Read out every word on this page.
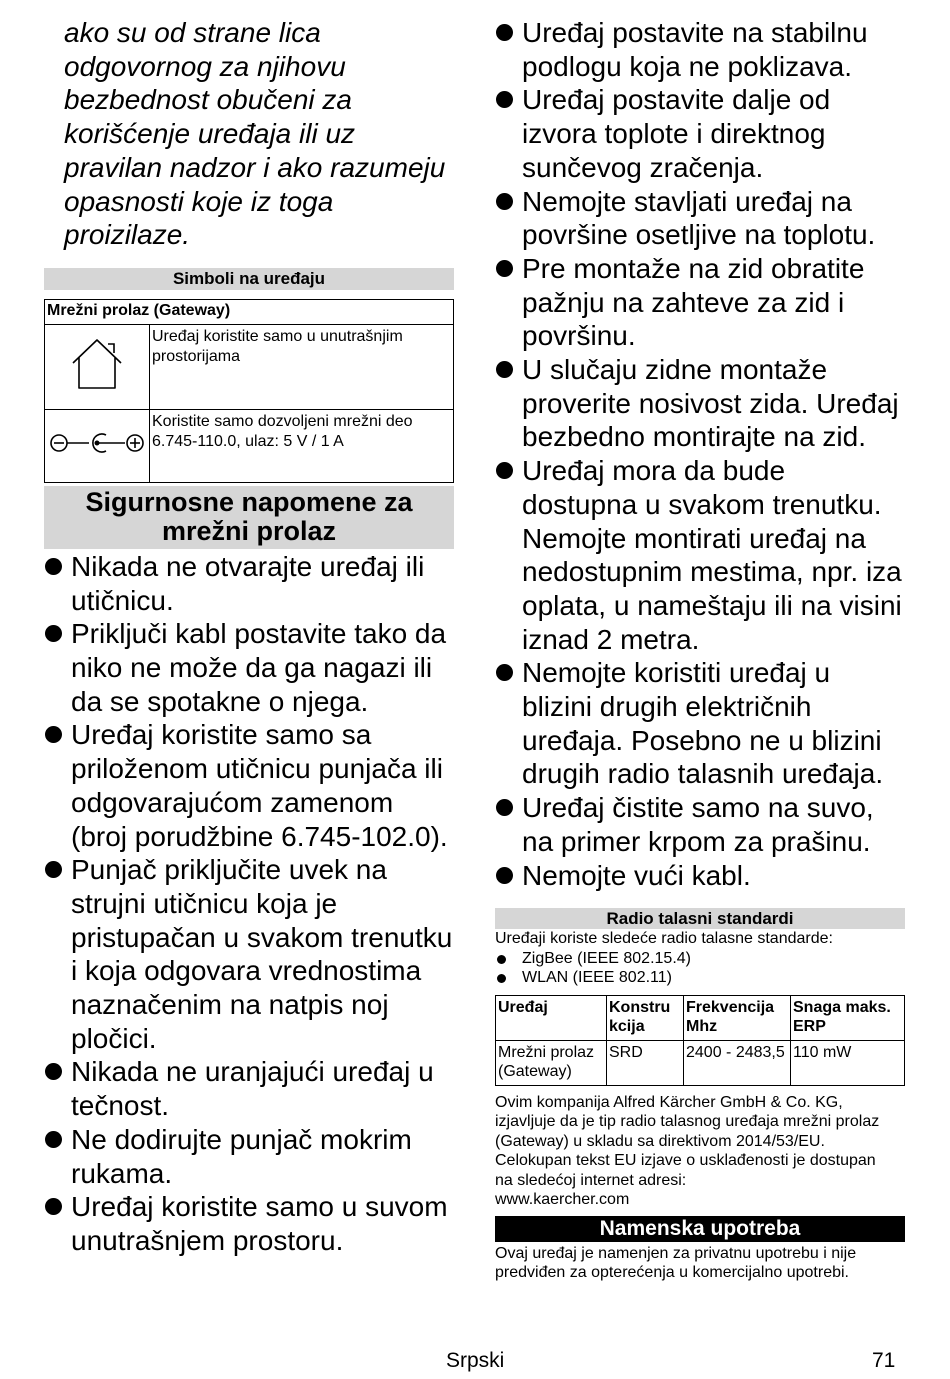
ako su od strane lica
odgovornog za njihovu
bezbednost obučeni za
korišćenje uređaja ili uz
pravilan nadzor i ako razumeju
opasnosti koje iz toga
proizilaze.

Simboli na uređaju
Mrežni prolaz (Gateway)	
	Uređaj koristite samo u unutrašnjim prostorijama
	Koristite samo dozvoljeni mrežni deo 6.745-110.0, ulaz: 5 V / 1 A
Sigurnosne napomene za
mrežni prolaz
Nikada ne otvarajte uređaj ili utičnicu.
Priključi kabl postavite tako da niko ne može da ga nagazi ili da se spotakne o njega.
Uređaj koristite samo sa priloženom utičnicu punjača ili odgovarajućom zamenom (broj porudžbine 6.745-102.0).
Punjač priključite uvek na strujni utičnicu koja je pristupačan u svakom trenutku i koja odgovara vrednostima naznačenim na natpis noj pločici.
Nikada ne uranjajući uređaj u tečnost.
Ne dodirujte punjač mokrim rukama.
Uređaj koristite samo u suvom unutrašnjem prostoru.
Uređaj postavite na stabilnu podlogu koja ne poklizava.
Uređaj postavite dalje od izvora toplote i direktnog sunčevog zračenja.
Nemojte stavljati uređaj na površine osetljive na toplotu.
Pre montaže na zid obratite pažnju na zahteve za zid i površinu.
U slučaju zidne montaže proverite nosivost zida. Uređaj bezbedno montirajte na zid.
Uređaj mora da bude dostupna u svakom trenutku. Nemojte montirati uređaj na nedostupnim mestima, npr. iza oplata, u nameštaju ili na visini iznad 2 metra.
Nemojte koristiti uređaj u blizini drugih električnih uređaja. Posebno ne u blizini drugih radio talasnih uređaja.
Uređaj čistite samo na suvo, na primer krpom za prašinu.
Nemojte vući kabl.
Radio talasni standardi
Uređaji koriste sledeće radio talasne standarde:
ZigBee (IEEE 802.15.4)
WLAN (IEEE 802.11)
Uređaj	Konstru kcija	Frekvencija Mhz	Snaga maks. ERP
Mrežni prolaz (Gateway)	SRD	2400 - 2483,5	110 mW
Ovim kompanija Alfred Kärcher GmbH & Co. KG,
izjavljuje da je tip radio talasnog uređaja mrežni prolaz
(Gateway) u skladu sa direktivom 2014/53/EU.
Celokupan tekst EU izjave o usklađenosti je dostupan
na sledećoj internet adresi:
www.kaercher.com
Namenska upotreba
Ovaj uređaj je namenjen za privatnu upotrebu i nije predviđen za opterećenja u komercijalno upotrebi.
Srpski	71
